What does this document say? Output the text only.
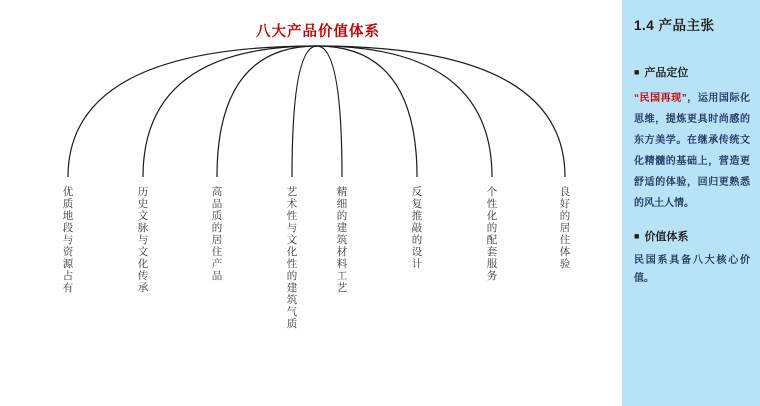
八大产品价值体系
优质地段与资源占有	历史文脉与文化传承	高品质的居住产品	艺术性与文化性的建筑气质	精细的建筑材料工艺	反复推敲的设计	个性化的配套服务	良好的居住体验
1.4 产品主张
■ 产品定位
“民国再现”，运用国际化思维，提炼更具时尚感的东方美学。在继承传统文化精髓的基础上，营造更舒适的体验，回归更熟悉的风土人情。
■ 价值体系
民国系具备八大核心价值。
